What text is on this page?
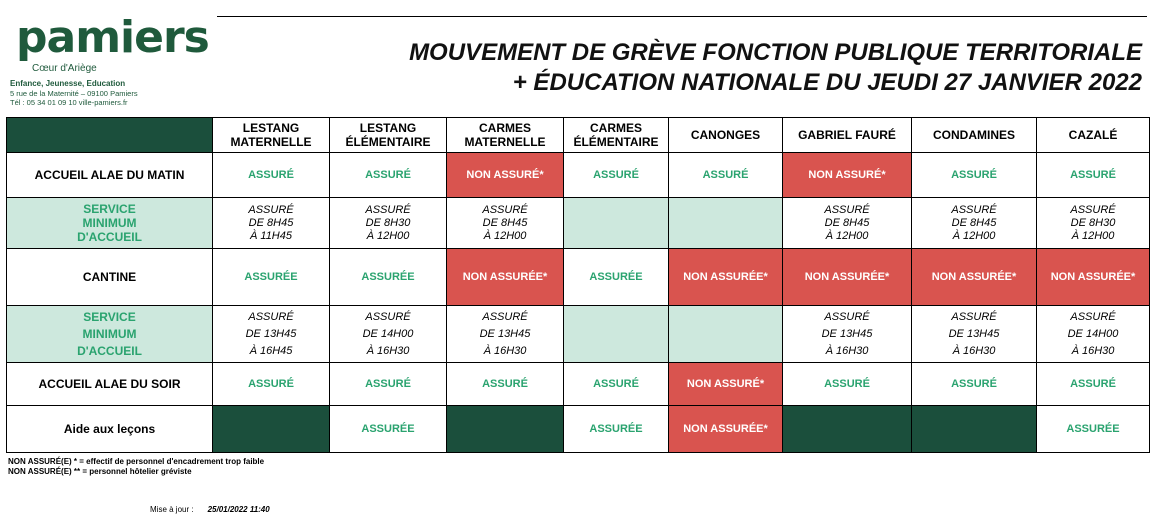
pamiers
Cœur d'Ariège
Enfance, Jeunesse, Education
5 rue de la Maternité – 09100 Pamiers
Tél : 05 34 01 09 10 ville-pamiers.fr
MOUVEMENT DE GRÈVE FONCTION PUBLIQUE TERRITORIALE
+ ÉDUCATION NATIONALE DU JEUDI 27 JANVIER 2022
	LESTANG
MATERNELLE	LESTANG
ÉLÉMENTAIRE	CARMES
MATERNELLE	CARMES
ÉLÉMENTAIRE	CANONGES	GABRIEL FAURÉ	CONDAMINES	CAZALÉ
ACCUEIL ALAE DU MATIN	ASSURÉ	ASSURÉ	NON ASSURÉ*	ASSURÉ	ASSURÉ	NON ASSURÉ*	ASSURÉ	ASSURÉ
SERVICE
MINIMUM
D'ACCUEIL	ASSURÉ
DE 8H45
À 11H45	ASSURÉ
DE 8H30
À 12H00	ASSURÉ
DE 8H45
À 12H00			ASSURÉ
DE 8H45
À 12H00	ASSURÉ
DE 8H45
À 12H00	ASSURÉ
DE 8H30
À 12H00
CANTINE	ASSURÉE	ASSURÉE	NON ASSURÉE*	ASSURÉE	NON ASSURÉE*	NON ASSURÉE*	NON ASSURÉE*	NON ASSURÉE*
SERVICE
MINIMUM
D'ACCUEIL	ASSURÉ
DE 13H45
À 16H45	ASSURÉ
DE 14H00
À 16H30	ASSURÉ
DE 13H45
À 16H30			ASSURÉ
DE 13H45
À 16H30	ASSURÉ
DE 13H45
À 16H30	ASSURÉ
DE 14H00
À 16H30
ACCUEIL ALAE DU SOIR	ASSURÉ	ASSURÉ	ASSURÉ	ASSURÉ	NON ASSURÉ*	ASSURÉ	ASSURÉ	ASSURÉ
Aide aux leçons		ASSURÉE		ASSURÉE	NON ASSURÉE*			ASSURÉE
NON ASSURÉ(E) * = effectif de personnel d'encadrement trop faible
NON ASSURÉ(E) ** = personnel hôtelier gréviste
Mise à jour : 25/01/2022 11:40
